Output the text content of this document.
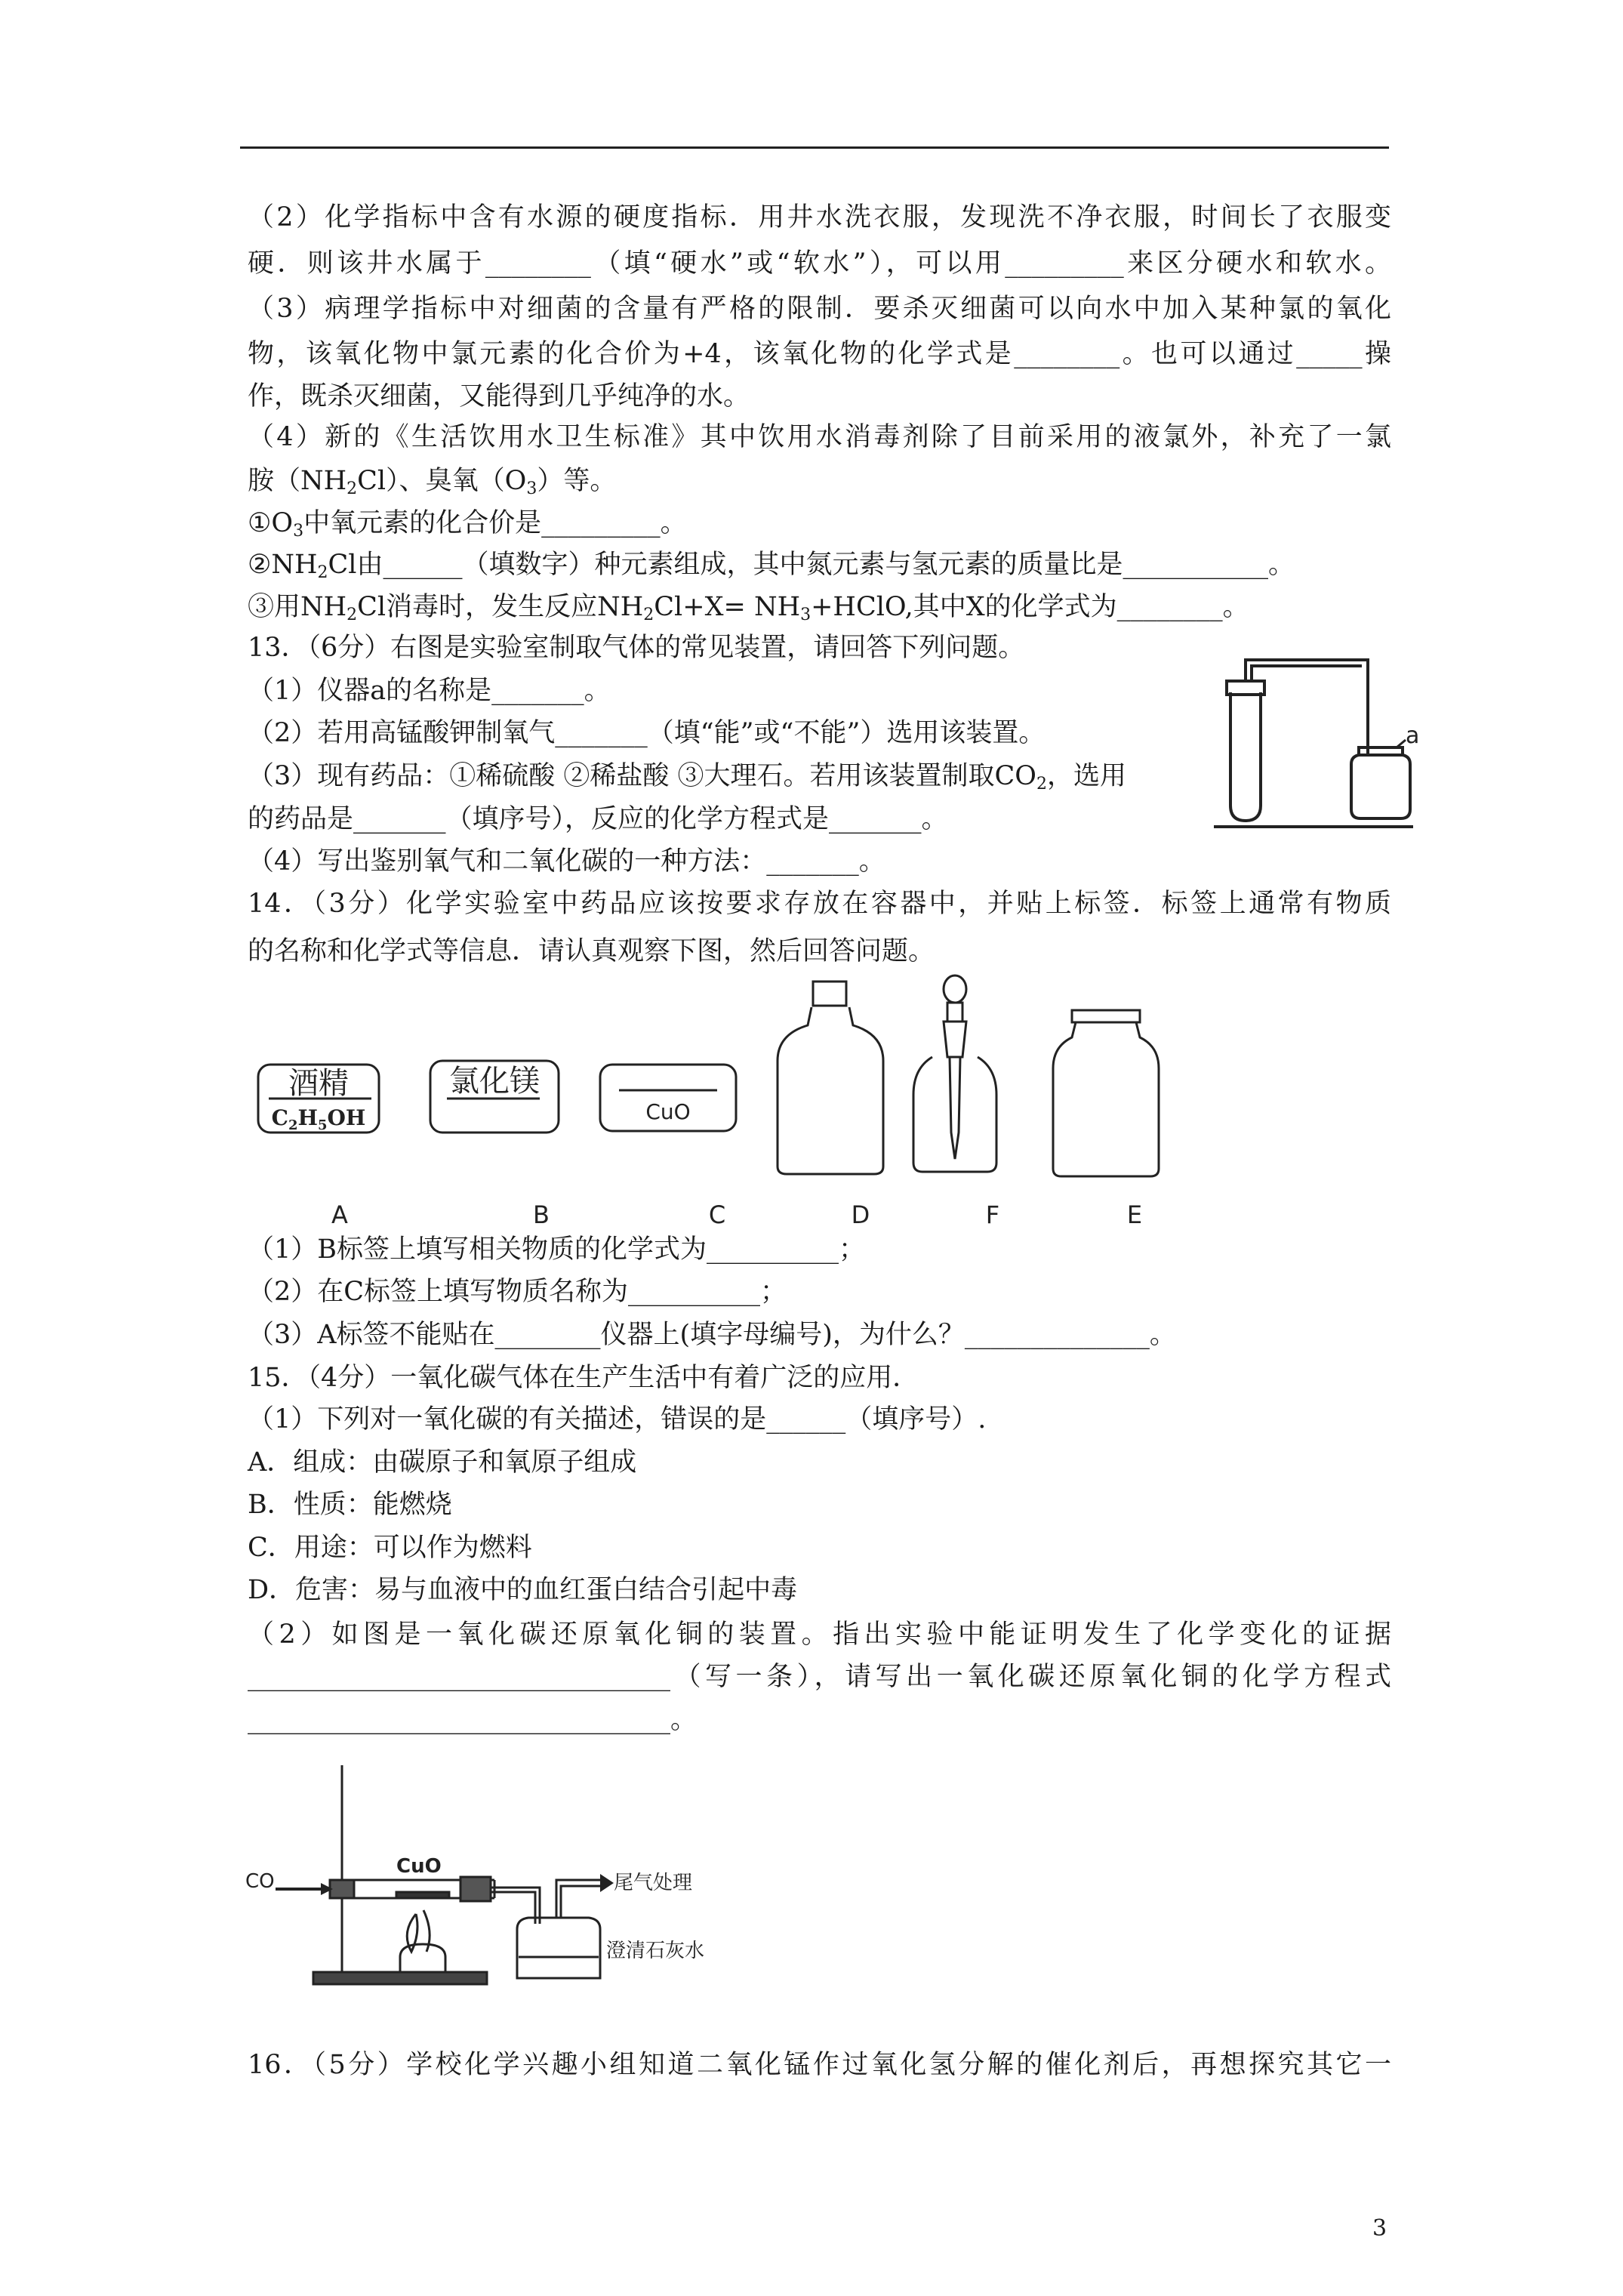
（2）化学指标中含有水源的硬度指标．用井水洗衣服，发现洗不净衣服，时间长了衣服变
硬．则该井水属于________（填“硬水”或“软水”），可以用_________来区分硬水和软水。
（3）病理学指标中对细菌的含量有严格的限制．要杀灭细菌可以向水中加入某种氯的氧化
物，该氧化物中氯元素的化合价为+4，该氧化物的化学式是________。也可以通过_____操
作，既杀灭细菌，又能得到几乎纯净的水。
（4）新的《生活饮用水卫生标准》其中饮用水消毒剂除了目前采用的液氯外，补充了一氯
胺$(NH_2Cl)$、臭氧$(O_3)$等。
$①O_3$中氧元素的化合价是_________。
$②NH_2Cl$由______（填数字）种元素组成，其中氮元素与氢元素的质量比是___________。
③用$NH_2Cl$消毒时，发生反应$NH_2Cl+X=$ $NH_3+HClO$,其中X的化学式为________。
13．（6分）右图是实验室制取气体的常见装置，请回答下列问题。
（1）仪器a的名称是_______。
（2）若用高锰酸钾制氧气_______（填“能”或“不能”）选用该装置。
（3）现有药品：①稀硫酸 ②稀盐酸 ③大理石。若用该装置制取$CO_2$，选用
的药品是_______（填序号），反应的化学方程式是_______。
（4）写出鉴别氧气和二氧化碳的一种方法：_______。
a
14．（3分）化学实验室中药品应该按要求存放在容器中，并贴上标签．标签上通常有物质
的名称和化学式等信息．请认真观察下图，然后回答问题。
酒精
$C_2H_5OH$
氯化镁
CuO
A	B	C	D	F	E
（1）B标签上填写相关物质的化学式为__________；
（2）在C标签上填写物质名称为__________；
（3）A标签不能贴在________仪器上(填字母编号)，为什么？______________。
15．（4分）一氧化碳气体在生产生活中有着广泛的应用．
（1）下列对一氧化碳的有关描述，错误的是______（填序号）.
A．组成：由碳原子和氧原子组成
B．性质：能燃烧
C．用途：可以作为燃料
D．危害：易与血液中的血红蛋白结合引起中毒
（2）如图是一氧化碳还原氧化铜的装置。指出实验中能证明发生了化学变化的证据
________________________________（写一条），请写出一氧化碳还原氧化铜的化学方程式
________________________________。
CO
CuO
尾气处理
澄清石灰水
16．（5分）学校化学兴趣小组知道二氧化锰作过氧化氢分解的催化剂后，再想探究其它一
3
